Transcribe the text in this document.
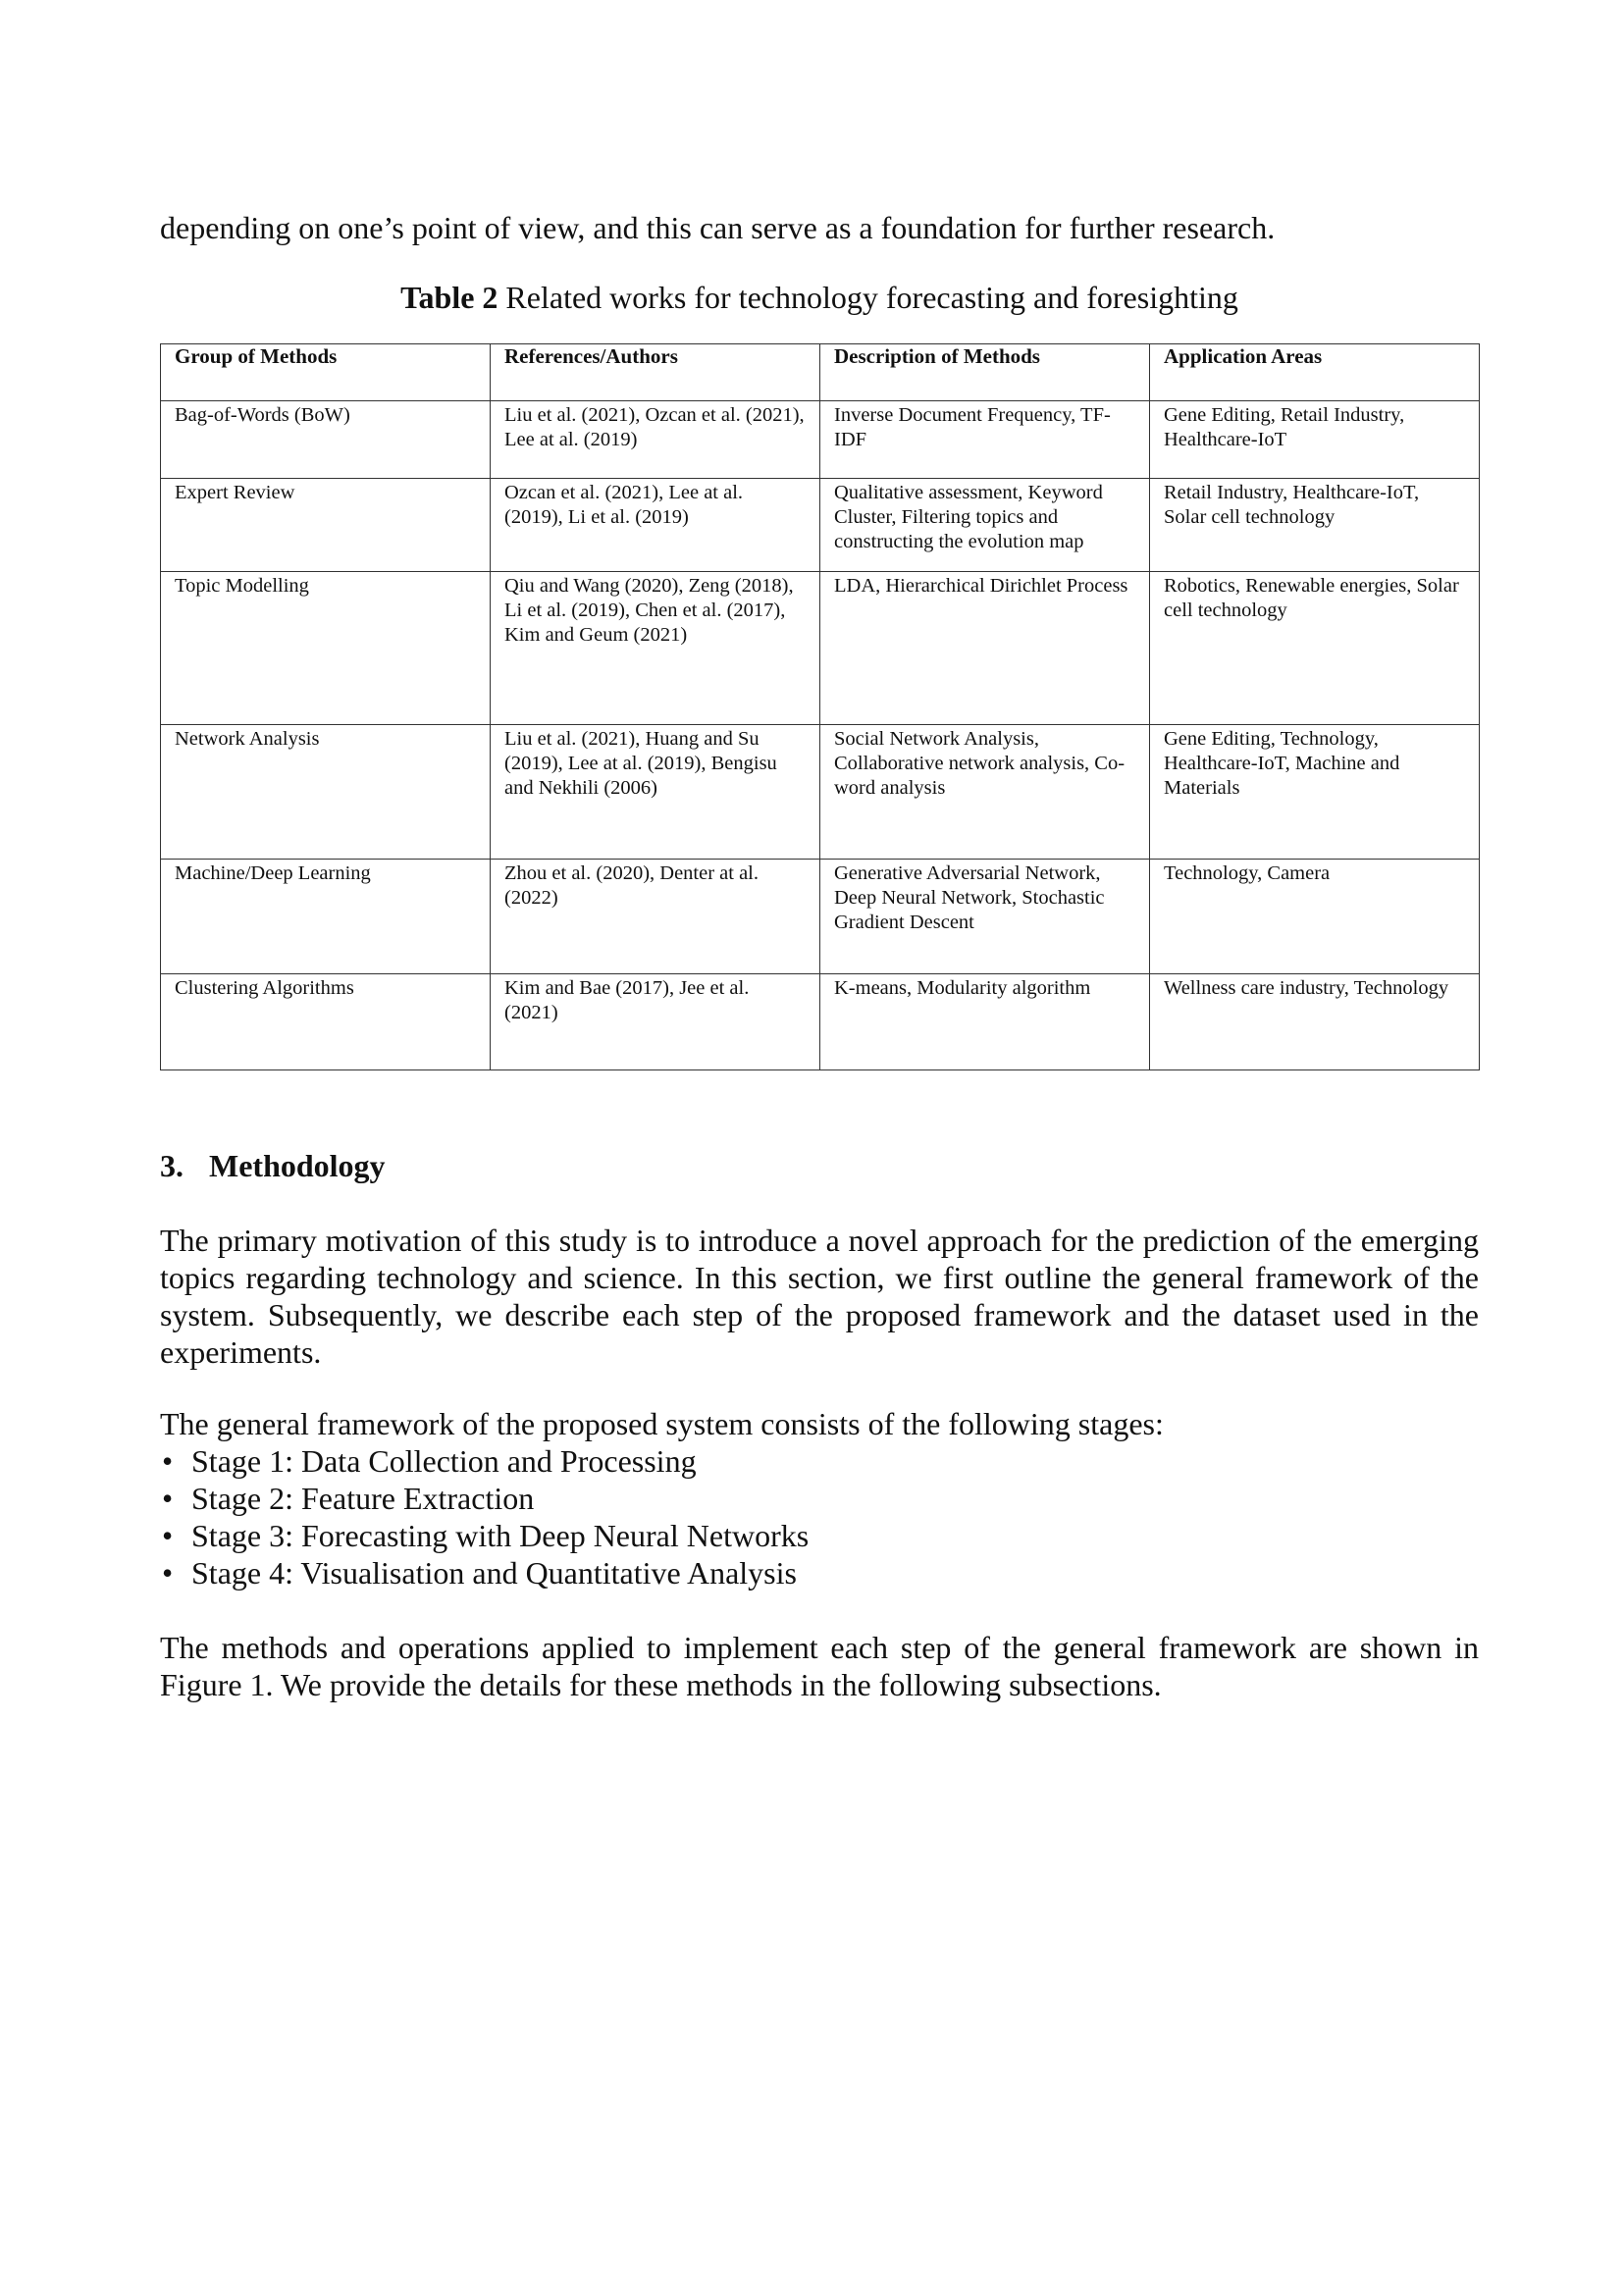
depending on one’s point of view, and this can serve as a foundation for further research.

Table 2 Related works for technology forecasting and foresighting

Group of Methods	References/Authors	Description of Methods	Application Areas
Bag-of-Words (BoW)	Liu et al. (2021), Ozcan et al. (2021), Lee at al. (2019)	Inverse Document Frequency, TF-IDF	Gene Editing, Retail Industry, Healthcare-IoT
Expert Review	Ozcan et al. (2021), Lee at al. (2019), Li et al. (2019)	Qualitative assessment, Keyword Cluster, Filtering topics and constructing the evolution map	Retail Industry, Healthcare-IoT, Solar cell technology
Topic Modelling	Qiu and Wang (2020), Zeng (2018), Li et al. (2019), Chen et al. (2017), Kim and Geum (2021)	LDA, Hierarchical Dirichlet Process	Robotics, Renewable energies, Solar cell technology
Network Analysis	Liu et al. (2021), Huang and Su (2019), Lee at al. (2019), Bengisu and Nekhili (2006)	Social Network Analysis, Collaborative network analysis, Co-word analysis	Gene Editing, Technology, Healthcare-IoT, Machine and Materials
Machine/Deep Learning	Zhou et al. (2020), Denter at al. (2022)	Generative Adversarial Network, Deep Neural Network, Stochastic Gradient Descent	Technology, Camera
Clustering Algorithms	Kim and Bae (2017), Jee et al. (2021)	K-means, Modularity algorithm	Wellness care industry, Technology
3. Methodology

The primary motivation of this study is to introduce a novel approach for the prediction of the emerging topics regarding technology and science. In this section, we first outline the general framework of the system. Subsequently, we describe each step of the proposed framework and the dataset used in the experiments.

The general framework of the proposed system consists of the following stages:

• Stage 1: Data Collection and Processing
• Stage 2: Feature Extraction
• Stage 3: Forecasting with Deep Neural Networks
• Stage 4: Visualisation and Quantitative Analysis

The methods and operations applied to implement each step of the general framework are shown in Figure 1. We provide the details for these methods in the following subsections.
